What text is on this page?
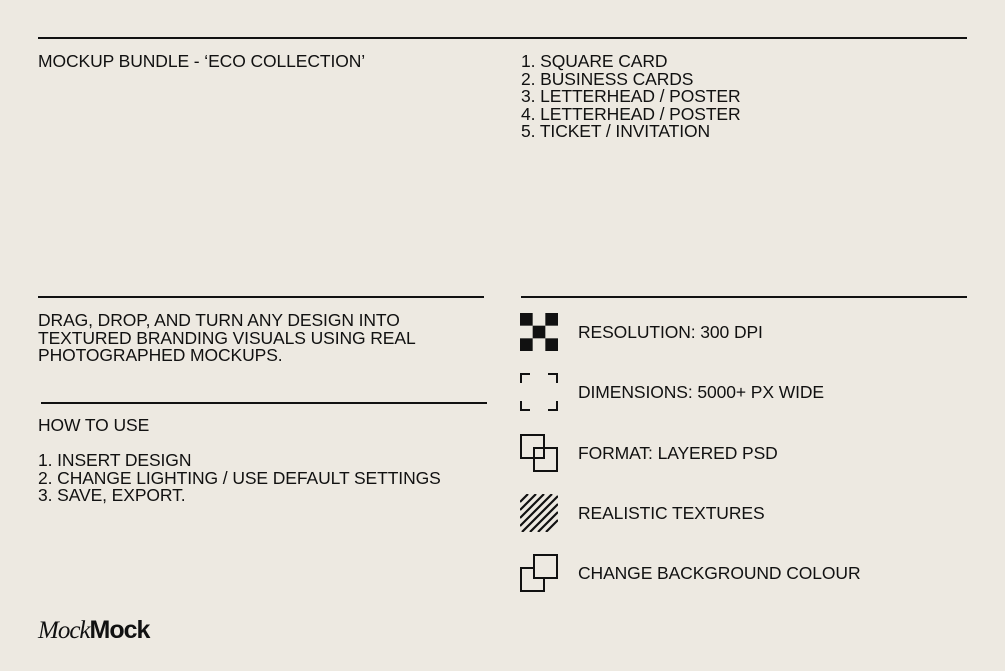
MOCKUP BUNDLE - ‘ECO COLLECTION’	1. SQUARE CARD
2. BUSINESS CARDS
3. LETTERHEAD / POSTER
4. LETTERHEAD / POSTER
5. TICKET / INVITATION
DRAG, DROP, AND TURN ANY DESIGN INTO
TEXTURED BRANDING VISUALS USING REAL
PHOTOGRAPHED MOCKUPS.

HOW TO USE

1. INSERT DESIGN
2. CHANGE LIGHTING / USE DEFAULT SETTINGS
3. SAVE, EXPORT.
RESOLUTION: 300 DPI
DIMENSIONS: 5000+ PX WIDE
FORMAT: LAYERED PSD
REALISTIC TEXTURES
CHANGE BACKGROUND COLOUR
MockMock
